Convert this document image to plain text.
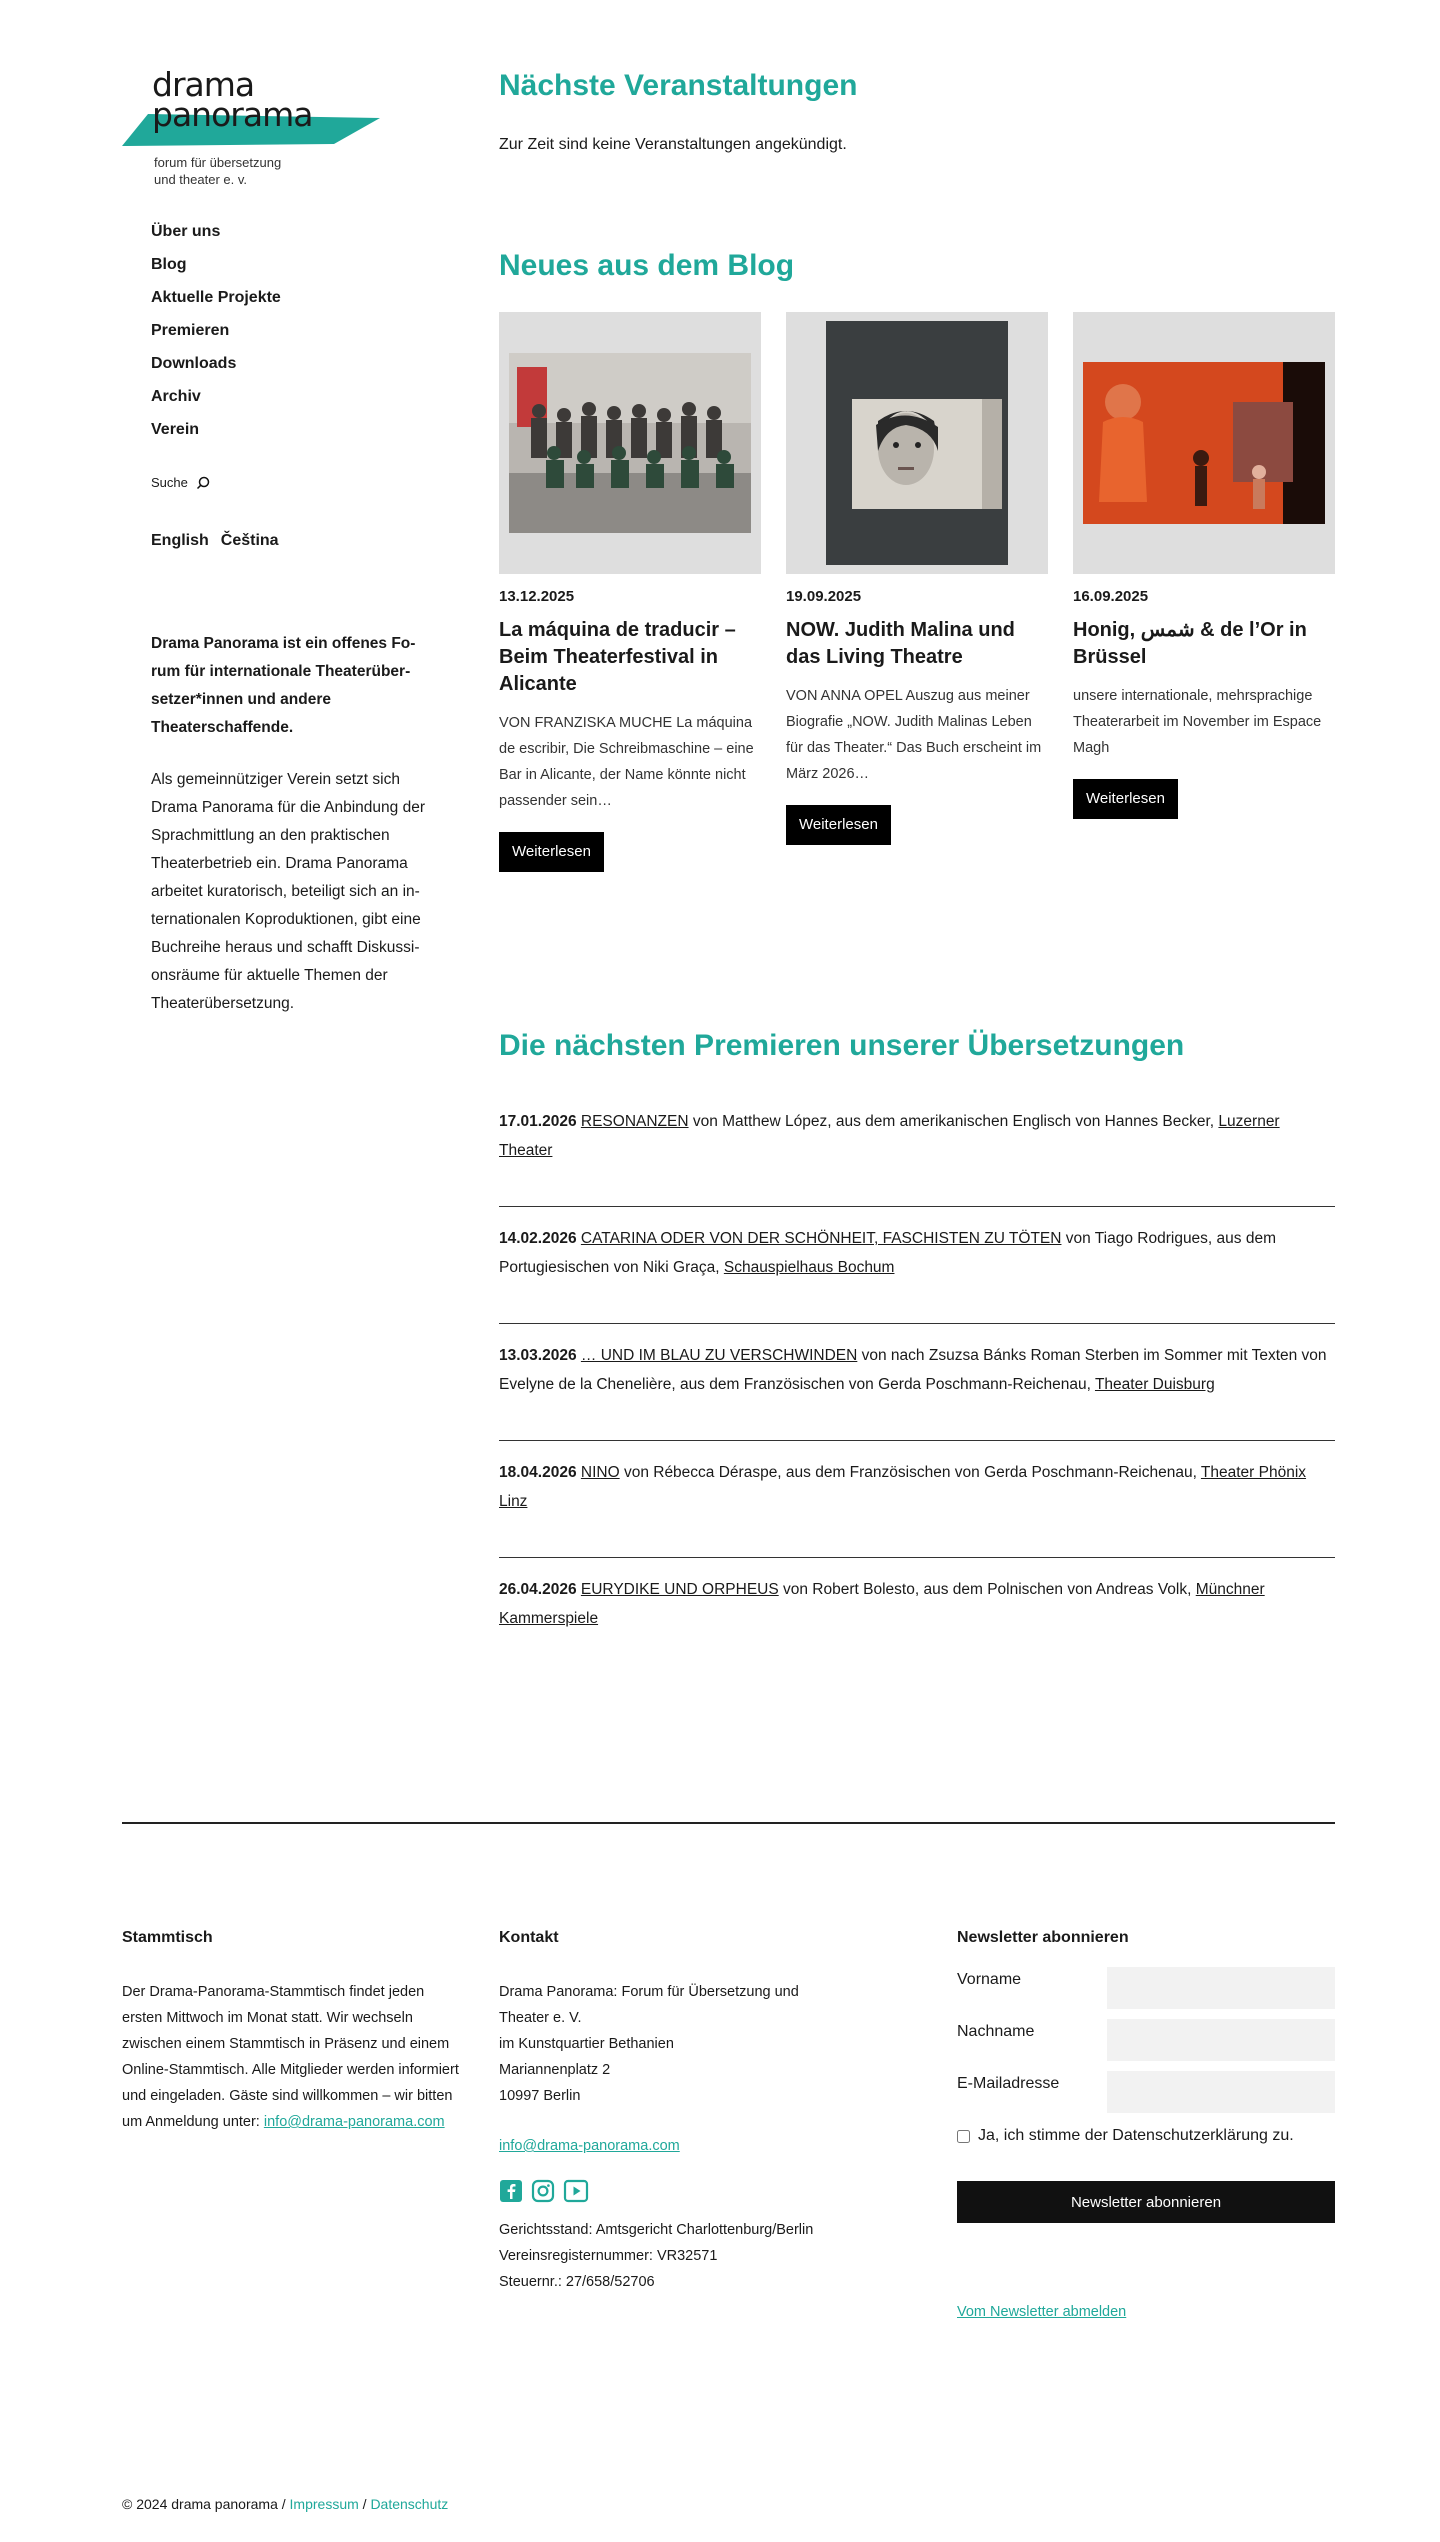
drama
panorama
forum für übersetzung
und theater e. v.
Über uns
Blog
Aktuelle Projekte
Premieren
Downloads
Archiv
Verein
Suche
English Čeština

Drama Panorama ist ein offenes Forum für internationale Theaterübersetzer*innen und andere Theaterschaffende.

Als gemeinnütziger Verein setzt sich Drama Panorama für die Anbindung der Sprachmittlung an den praktischen Theaterbetrieb ein. Drama Panorama arbeitet kuratorisch, beteiligt sich an internationalen Koproduktionen, gibt eine Buchreihe heraus und schafft Diskussionsräume für aktuelle Themen der Theaterübersetzung.

Nächste Veranstaltungen
Zur Zeit sind keine Veranstaltungen angekündigt.
Neues aus dem Blog
13.12.2025
La máquina de traducir – Beim Theaterfestival in Alicante
VON FRANZISKA MUCHE La máquina de escribir, Die Schreibmaschine – eine Bar in Alicante, der Name könnte nicht passender sein…
Weiterlesen
19.09.2025
NOW. Judith Malina und das Living Theatre
VON ANNA OPEL Auszug aus meiner Biografie „NOW. Judith Malinas Leben für das Theater.“ Das Buch erscheint im März 2026…
Weiterlesen
16.09.2025
Honig, شمس & de l’Or in Brüssel
unsere internationale, mehrsprachige Theaterarbeit im November im Espace Magh
Weiterlesen
Die nächsten Premieren unserer Übersetzungen
17.01.2026 RESONANZEN von Matthew López, aus dem amerikanischen Englisch von Hannes Becker, Luzerner Theater
14.02.2026 CATARINA ODER VON DER SCHÖNHEIT, FASCHISTEN ZU TÖTEN von Tiago Rodrigues, aus dem Portugiesischen von Niki Graça, Schauspielhaus Bochum
13.03.2026 … UND IM BLAU ZU VERSCHWINDEN von nach Zsuzsa Bánks Roman Sterben im Sommer mit Texten von Evelyne de la Chenelière, aus dem Französischen von Gerda Poschmann-Reichenau, Theater Duisburg
18.04.2026 NINO von Rébecca Déraspe, aus dem Französischen von Gerda Poschmann-Reichenau, Theater Phönix Linz
26.04.2026 EURYDIKE UND ORPHEUS von Robert Bolesto, aus dem Polnischen von Andreas Volk, Münchner Kammerspiele
Stammtisch
Der Drama-Panorama-Stammtisch findet jeden ersten Mittwoch im Monat statt. Wir wechseln zwischen einem Stammtisch in Präsenz und einem Online-Stammtisch. Alle Mitglieder werden informiert und eingeladen. Gäste sind willkommen – wir bitten um Anmeldung unter: info@drama-panorama.com
Kontakt
Drama Panorama: Forum für Übersetzung und
Theater e. V.
im Kunstquartier Bethanien
Mariannenplatz 2
10997 Berlin
info@drama-panorama.com
Gerichtsstand: Amtsgericht Charlottenburg/Berlin
Vereinsregisternummer: VR32571
Steuernr.: 27/658/52706
Newsletter abonnieren
Vorname
Nachname
E-Mailadresse
Ja, ich stimme der Datenschutzerklärung zu.
Newsletter abonnieren
Vom Newsletter abmelden
© 2024 drama panorama / Impressum / Datenschutz
